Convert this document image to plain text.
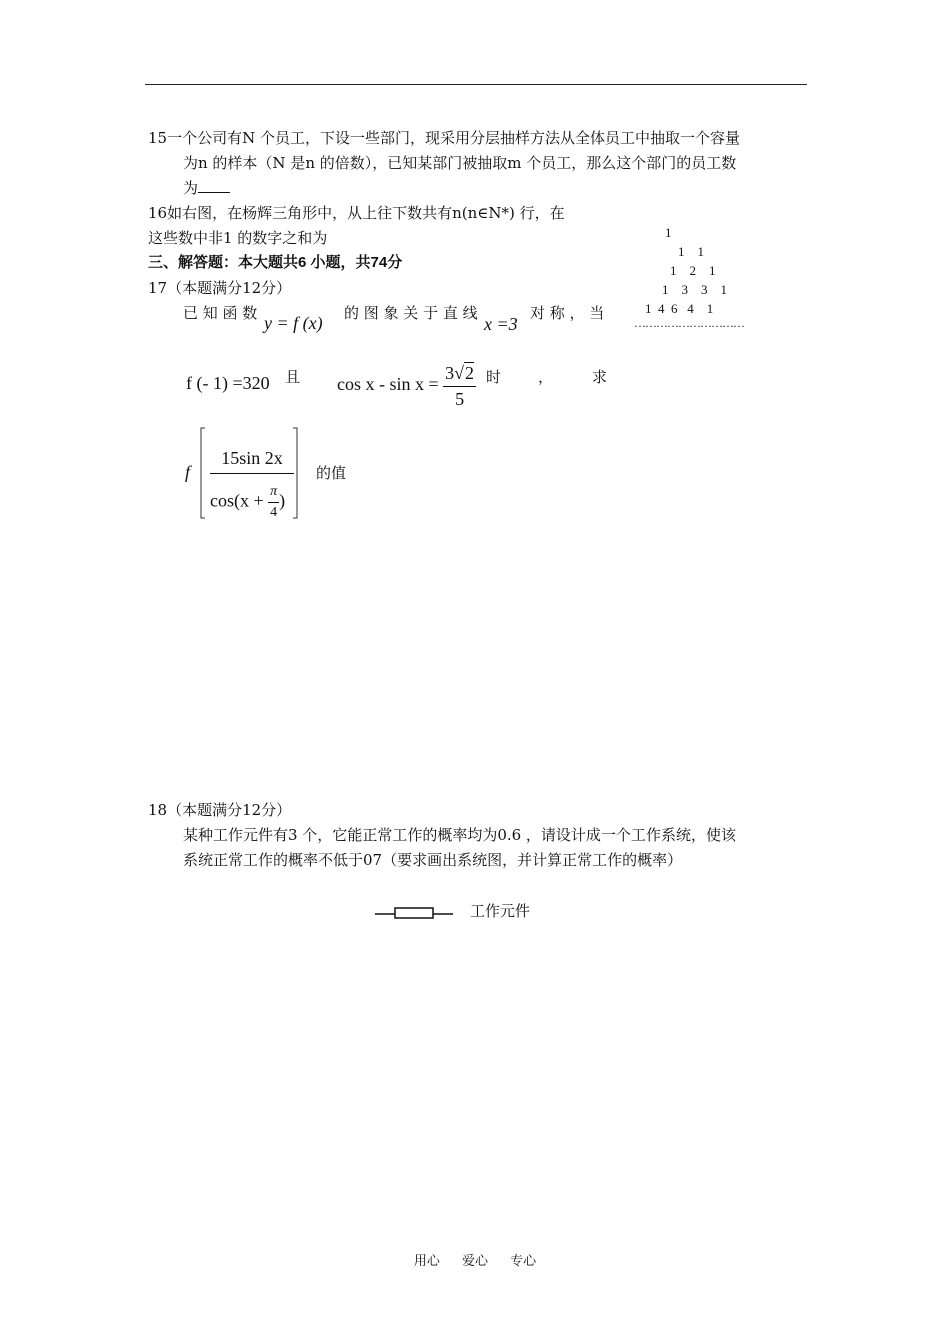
15一个公司有N 个员工，下设一些部门，现采用分层抽样方法从全体员工中抽取一个容量
为n 的样本（N 是n 的倍数），已知某部门被抽取m 个员工，那么这个部门的员工数
为
16如右图，在杨辉三角形中，从上往下数共有n(n∈N*) 行，在
这些数中非1 的数字之和为
三、解答题：本大题共6 小题，共74分
1
1    1
1    2    1
1    3    3    1
1  4  6   4    1
…………………………
17（本题满分12分）
已 知 函 数 y = f (x) 的 图 象 关 于 直 线
x =3
对 称 ， 当
f (- 1) =320 且 $\cos x - \sin x = \frac{3√2}{5}$ 时 ，	求
f
15sin 2x
$\cos(x + \frac{\pi}{4}$ )
的值
18（本题满分12分）
某种工作元件有3 个，它能正常工作的概率均为0.6 ，请设计成一个工作系统，使该
系统正常工作的概率不低于07（要求画出系统图，并计算正常工作的概率）
工作元件
用心 爱心 专心
